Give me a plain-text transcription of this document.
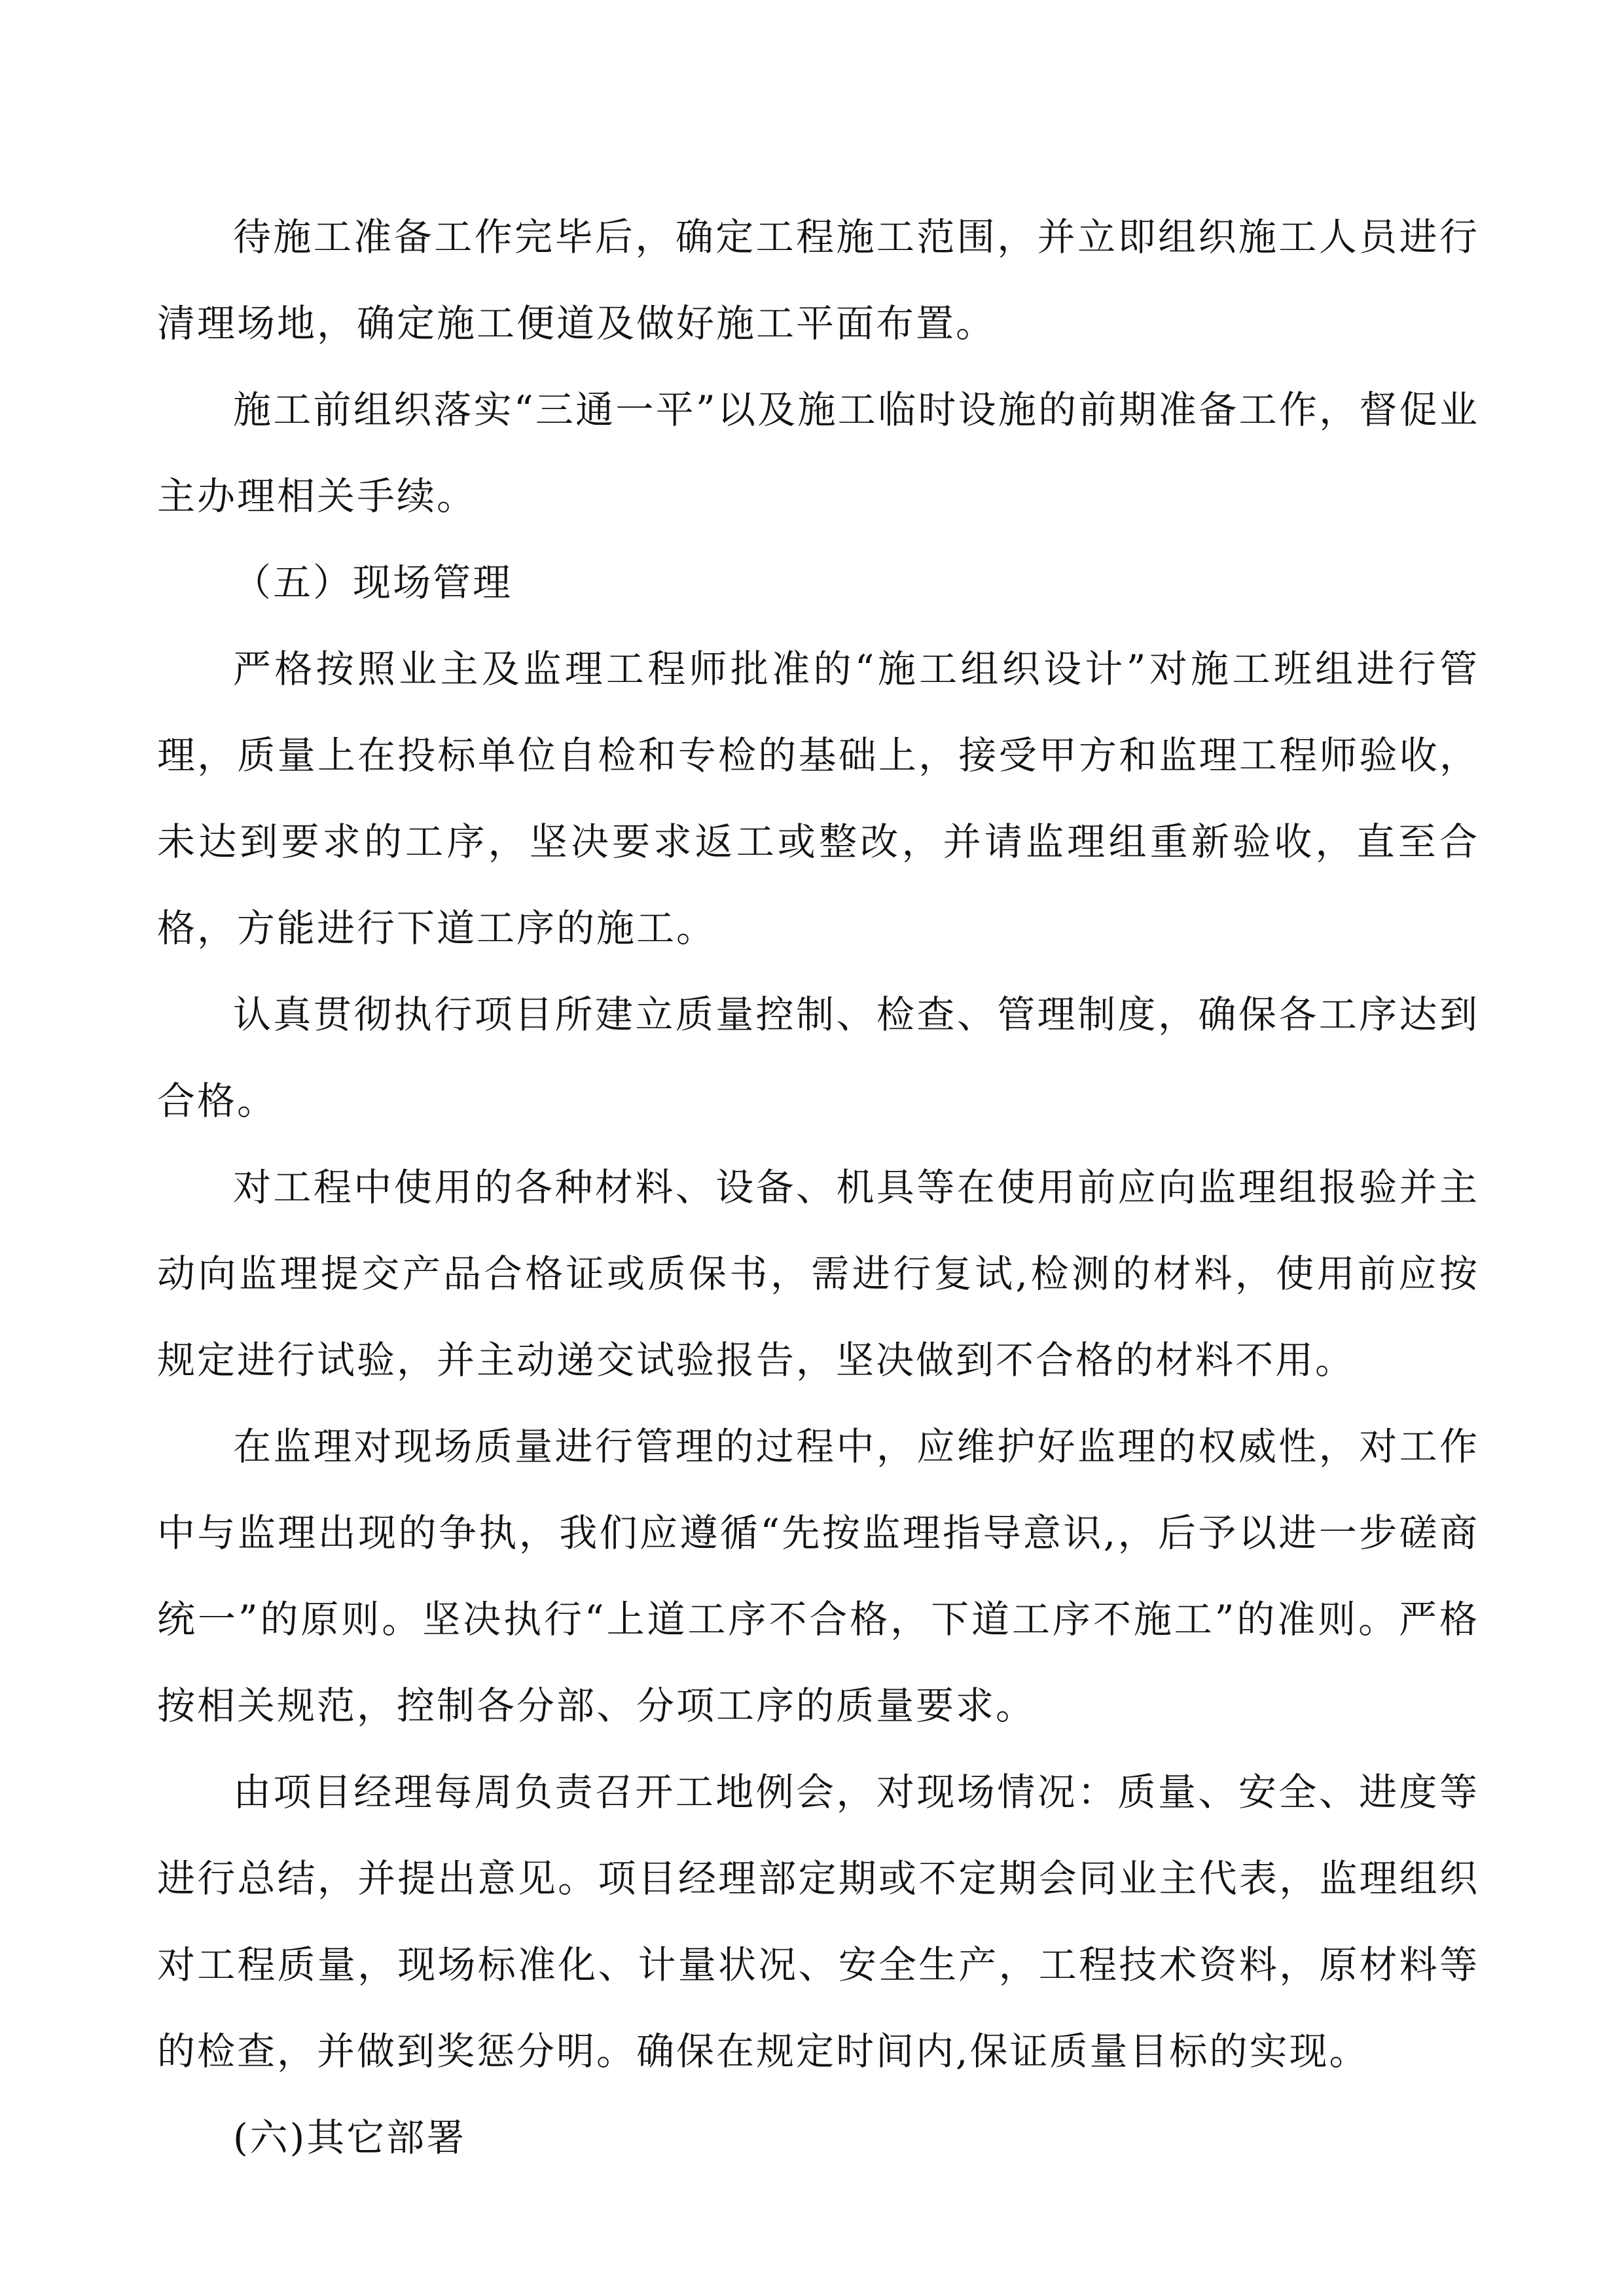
待施工准备工作完毕后，确定工程施工范围，并立即组织施工人员进行清理场地，确定施工便道及做好施工平面布置。

施工前组织落实“三通一平”以及施工临时设施的前期准备工作，督促业主办理相关手续。

（五）现场管理

严格按照业主及监理工程师批准的“施工组织设计”对施工班组进行管理，质量上在投标单位自检和专检的基础上，接受甲方和监理工程师验收，未达到要求的工序，坚决要求返工或整改，并请监理组重新验收，直至合格，方能进行下道工序的施工。

认真贯彻执行项目所建立质量控制、检查、管理制度，确保各工序达到合格。

对工程中使用的各种材料、设备、机具等在使用前应向监理组报验并主动向监理提交产品合格证或质保书，需进行复试,检测的材料，使用前应按规定进行试验，并主动递交试验报告，坚决做到不合格的材料不用。

在监理对现场质量进行管理的过程中，应维护好监理的权威性，对工作中与监理出现的争执，我们应遵循“先按监理指导意识,，后予以进一步磋商统一”的原则。坚决执行“上道工序不合格，下道工序不施工”的准则。严格按相关规范，控制各分部、分项工序的质量要求。

由项目经理每周负责召开工地例会，对现场情况：质量、安全、进度等进行总结，并提出意见。项目经理部定期或不定期会同业主代表，监理组织对工程质量，现场标准化、计量状况、安全生产，工程技术资料，原材料等的检查，并做到奖惩分明。确保在规定时间内,保证质量目标的实现。

(六)其它部署
